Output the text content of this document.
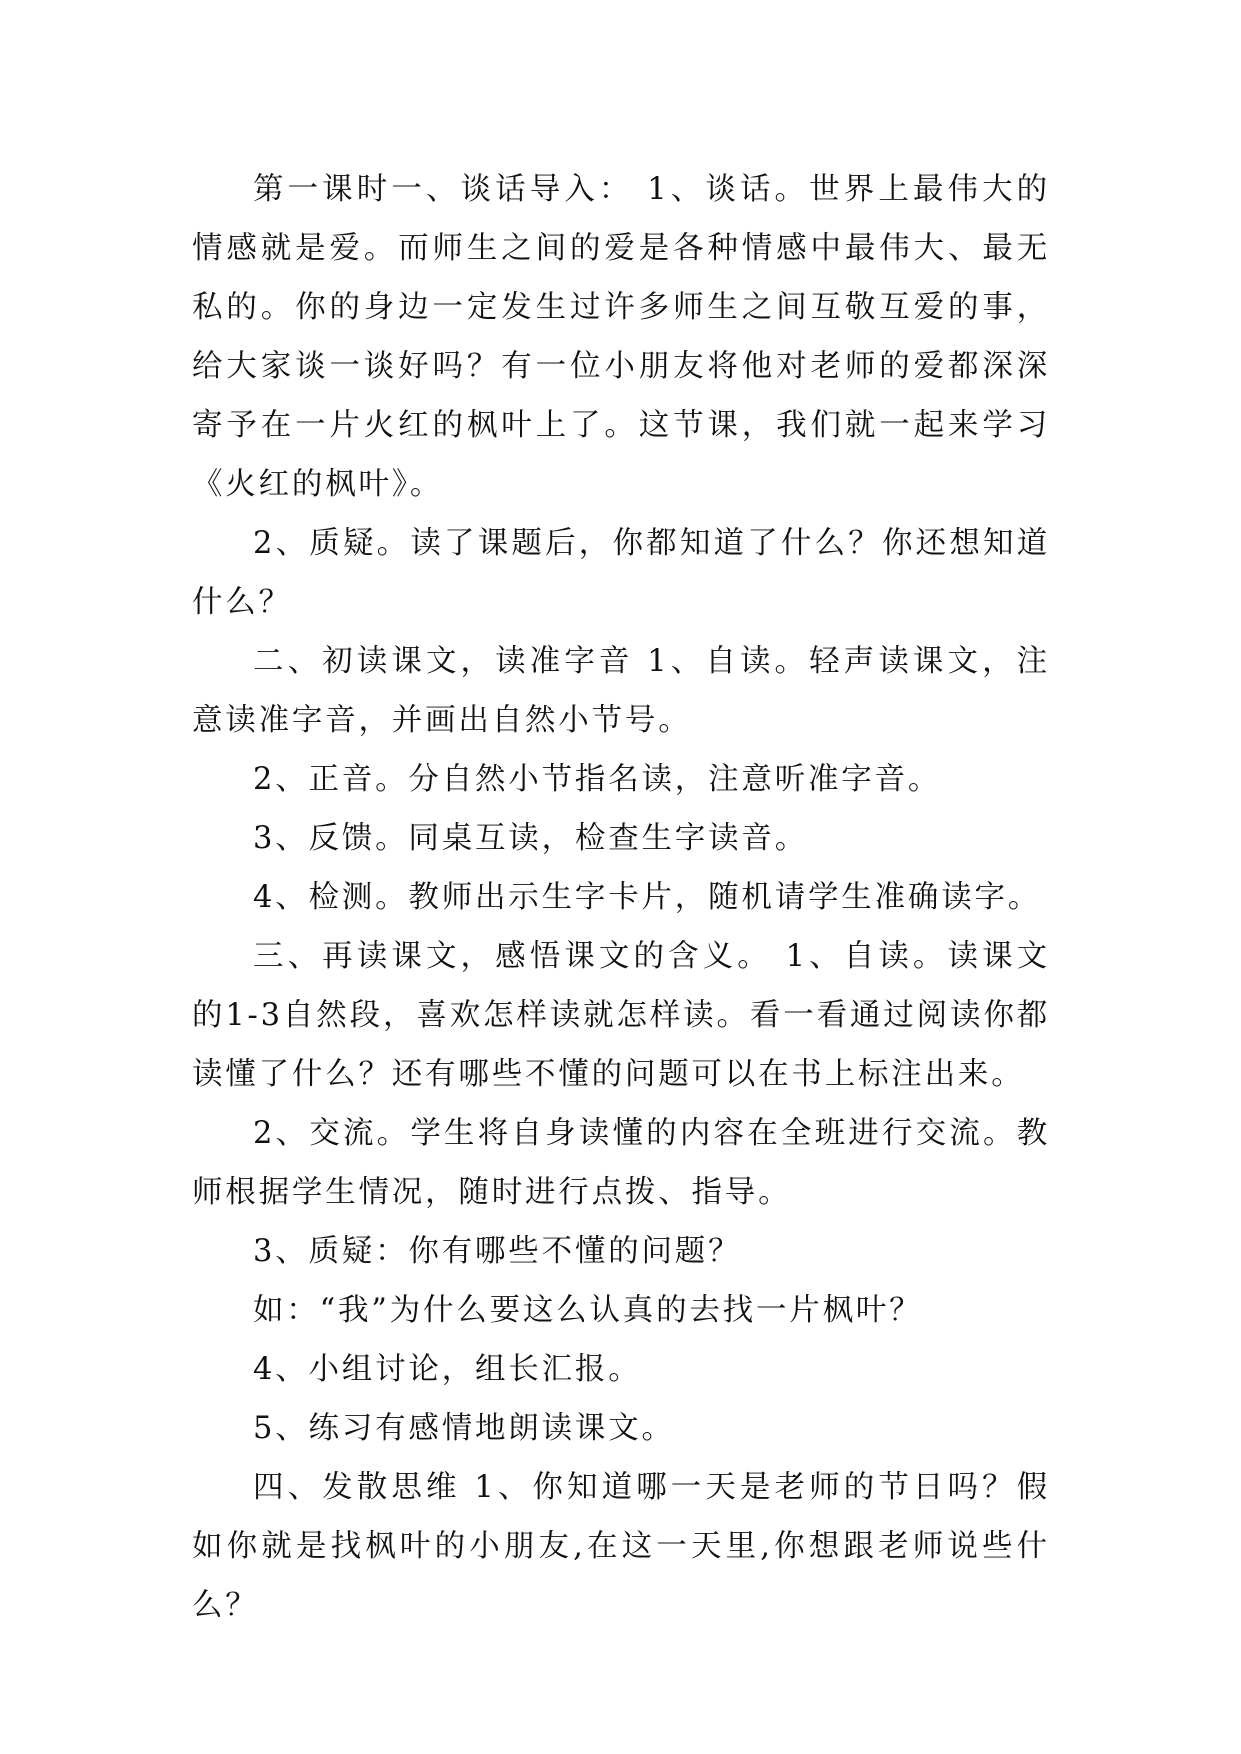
第一课时一、谈话导入： 1、谈话。世界上最伟大的情感就是爱。而师生之间的爱是各种情感中最伟大、最无私的。你的身边一定发生过许多师生之间互敬互爱的事，给大家谈一谈好吗？有一位小朋友将他对老师的爱都深深寄予在一片火红的枫叶上了。这节课，我们就一起来学习《火红的枫叶》。

2、质疑。读了课题后，你都知道了什么？你还想知道什么？

二、初读课文，读准字音 1、自读。轻声读课文，注意读准字音，并画出自然小节号。

2、正音。分自然小节指名读，注意听准字音。

3、反馈。同桌互读，检查生字读音。

4、检测。教师出示生字卡片，随机请学生准确读字。

三、再读课文，感悟课文的含义。 1、自读。读课文的1-3自然段，喜欢怎样读就怎样读。看一看通过阅读你都读懂了什么？还有哪些不懂的问题可以在书上标注出来。

2、交流。学生将自身读懂的内容在全班进行交流。教师根据学生情况，随时进行点拨、指导。

3、质疑：你有哪些不懂的问题？

如：“我”为什么要这么认真的去找一片枫叶？

4、小组讨论，组长汇报。

5、练习有感情地朗读课文。

四、发散思维 1、你知道哪一天是老师的节日吗？假如你就是找枫叶的小朋友,在这一天里,你想跟老师说些什么？
